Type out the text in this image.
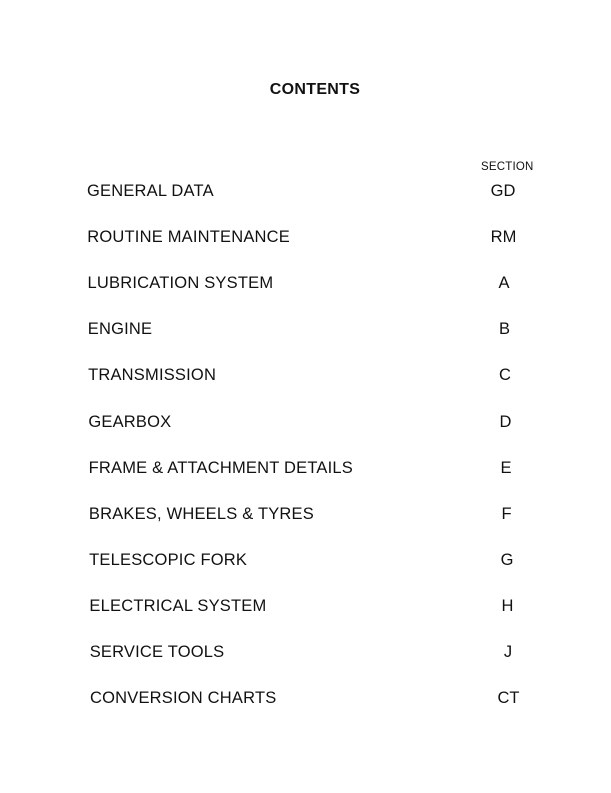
CONTENTS
SECTION
GENERAL DATA	GD
ROUTINE MAINTENANCE	RM
LUBRICATION SYSTEM	A
ENGINE	B
TRANSMISSION	C
GEARBOX	D
FRAME & ATTACHMENT DETAILS	E
BRAKES, WHEELS & TYRES	F
TELESCOPIC FORK	G
ELECTRICAL SYSTEM	H
SERVICE TOOLS	J
CONVERSION CHARTS	CT
